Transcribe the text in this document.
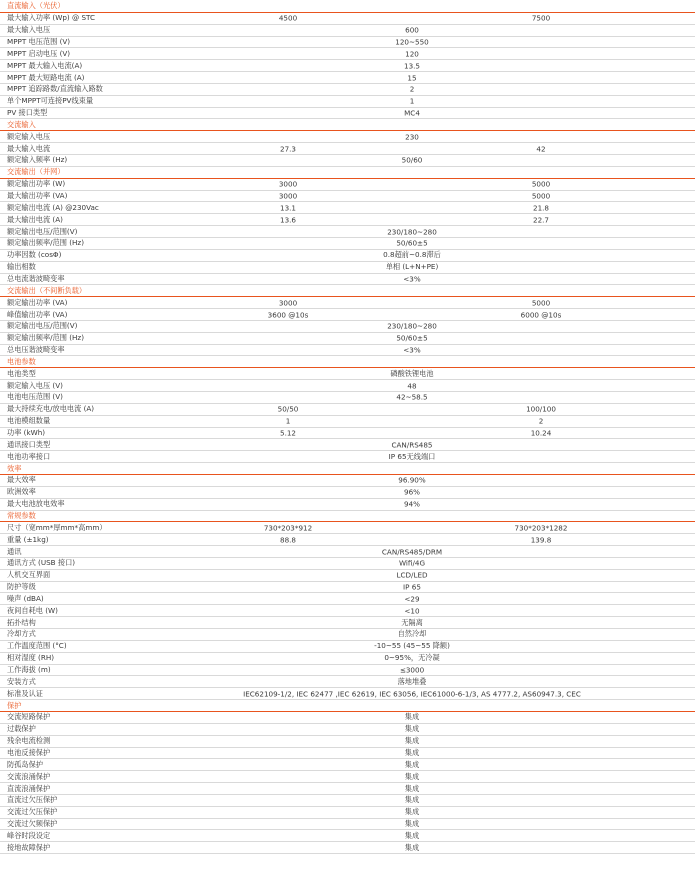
直流输入（光伏）
最大输入功率 (Wp) @ STC	4500	7500
最大输入电压	600
MPPT 电压范围 (V)	120~550
MPPT 启动电压 (V)	120
MPPT 最大输入电流(A)	13.5
MPPT 最大短路电流 (A)	15
MPPT 追踪路数/直流输入路数	2
单个MPPT可连接PV线束量	1
PV 接口类型	MC4
交流输入
额定输入电压	230
最大输入电流	27.3	42
额定输入频率 (Hz)	50/60
交流输出（并网）
额定输出功率 (W)	3000	5000
最大输出功率 (VA)	3000	5000
额定输出电流 (A) @230Vac	13.1	21.8
最大输出电流 (A)	13.6	22.7
额定输出电压/范围(V)	230/180~280
额定输出频率/范围 (Hz)	50/60±5
功率因数 (cosΦ)	0.8超前~0.8滞后
输出相数	单相 (L+N+PE)
总电流谐波畸变率	<3%
交流输出（不间断负载）
额定输出功率 (VA)	3000	5000
峰值输出功率 (VA)	3600 @10s	6000 @10s
额定输出电压/范围(V)	230/180~280
额定输出频率/范围 (Hz)	50/60±5
总电压谐波畸变率	<3%
电池参数
电池类型	磷酸铁锂电池
额定输入电压 (V)	48
电池电压范围 (V)	42~58.5
最大持续充电/放电电流 (A)	50/50	100/100
电池模组数量	1	2
功率 (kWh)	5.12	10.24
通讯接口类型	CAN/RS485
电池功率接口	IP 65无线端口
效率
最大效率	96.90%
欧洲效率	96%
最大电池放电效率	94%
常规参数
尺寸（宽mm*厚mm*高mm）	730*203*912	730*203*1282
重量 (±1kg)	88.8	139.8
通讯	CAN/RS485/DRM
通讯方式 (USB 接口)	Wifi/4G
人机交互界面	LCD/LED
防护等级	IP 65
噪声 (dBA)	<29
夜间自耗电 (W)	<10
拓扑结构	无隔离
冷却方式	自然冷却
工作温度范围 (°C)	-10~55 (45~55 降额)
相对湿度 (RH)	0~95%，无冷凝
工作海拔 (m)	≤3000
安装方式	落地堆叠
标准及认证	IEC62109-1/2, IEC 62477 ,IEC 62619, IEC 63056, IEC61000-6-1/3, AS 4777.2, AS60947.3, CEC
保护
交流短路保护	集成
过载保护	集成
残余电流检测	集成
电池反接保护	集成
防孤岛保护	集成
交流浪涌保护	集成
直流浪涌保护	集成
直流过欠压保护	集成
交流过欠压保护	集成
交流过欠频保护	集成
峰谷时段设定	集成
接地故障保护	集成
